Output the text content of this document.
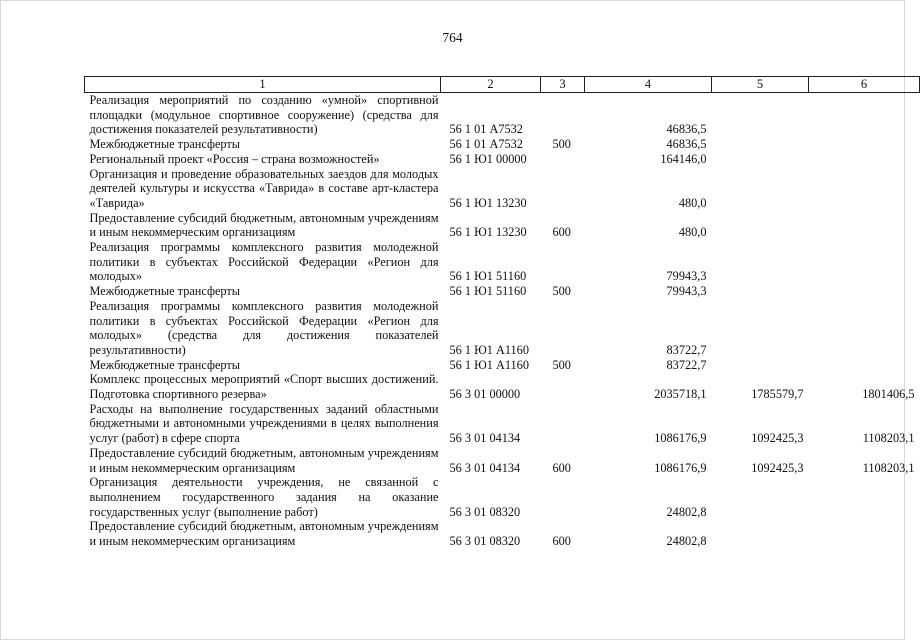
764
1	2	3	4	5	6
Реализация мероприятий по созданию «умной» спортивной площадки (модульное спортивное сооружение) (средства для достижения показателей результативности)	56 1 01 А7532		46836,5		
Межбюджетные трансферты	56 1 01 А7532	500	46836,5		
Региональный проект «Россия – страна возможностей»	56 1 Ю1 00000		164146,0		
Организация и проведение образовательных заездов для молодых деятелей культуры и искусства «Таврида» в составе арт-кластера «Таврида»	56 1 Ю1 13230		480,0		
Предоставление субсидий бюджетным, автономным учреждениям и иным некоммерческим организациям	56 1 Ю1 13230	600	480,0		
Реализация программы комплексного развития молодежной политики в субъектах Российской Федерации «Регион для молодых»	56 1 Ю1 51160		79943,3		
Межбюджетные трансферты	56 1 Ю1 51160	500	79943,3		
Реализация программы комплексного развития молодежной политики в субъектах Российской Федерации «Регион для молодых» (средства для достижения показателей результативности)	56 1 Ю1 А1160		83722,7		
Межбюджетные трансферты	56 1 Ю1 А1160	500	83722,7		
Комплекс процессных мероприятий «Спорт высших достижений. Подготовка спортивного резерва»	56 3 01 00000		2035718,1	1785579,7	1801406,5
Расходы на выполнение государственных заданий областными бюджетными и автономными учреждениями в целях выполнения услуг (работ) в сфере спорта	56 3 01 04134		1086176,9	1092425,3	1108203,1
Предоставление субсидий бюджетным, автономным учреждениям и иным некоммерческим организациям	56 3 01 04134	600	1086176,9	1092425,3	1108203,1
Организация деятельности учреждения, не связанной с выполнением государственного задания на оказание государственных услуг (выполнение работ)	56 3 01 08320		24802,8		
Предоставление субсидий бюджетным, автономным учреждениям и иным некоммерческим организациям	56 3 01 08320	600	24802,8		
